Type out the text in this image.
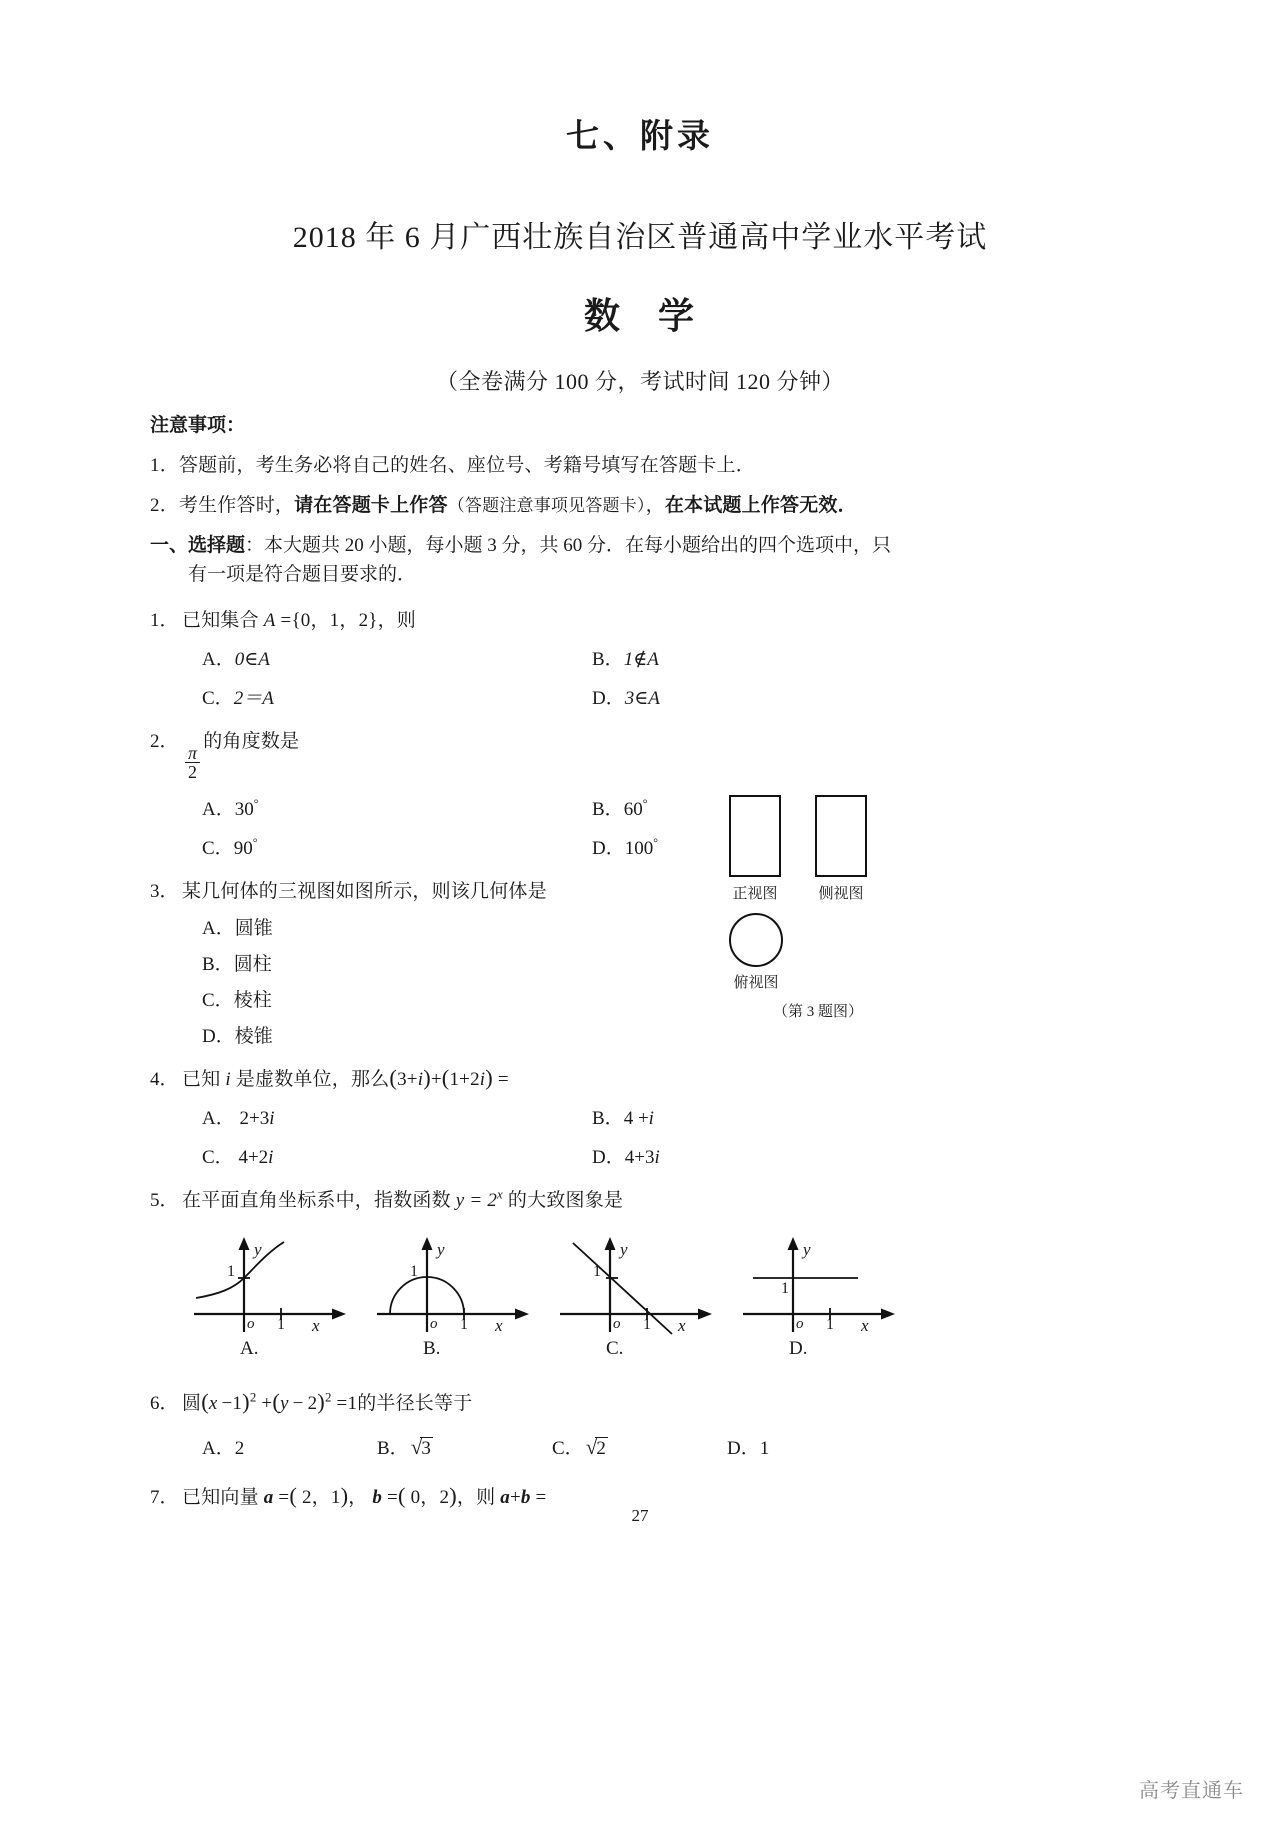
七、附录
2018 年 6 月广西壮族自治区普通高中学业水平考试
数 学
（全卷满分 100 分，考试时间 120 分钟）
注意事项：
1．答题前，考生务必将自己的姓名、座位号、考籍号填写在答题卡上．
2．考生作答时，请在答题卡上作答（答题注意事项见答题卡），在本试题上作答无效．
一、选择题：本大题共 20 小题，每小题 3 分，共 60 分．在每小题给出的四个选项中，只
有一项是符合题目要求的．
1． 已知集合 A ={0，1，2}，则
A．0∈A	B．1∉A
C．2＝A	D．3∈A
2．
$\frac{\pi}{2}$
的角度数是
A．30°	B．60°
C．90°	D．100°
3． 某几何体的三视图如图所示，则该几何体是
A．圆锥
B．圆柱
C．棱柱
D．棱锥
4． 已知 i 是虚数单位，那么(3+i)+(1+2i) =
A． 2+3i	B．4 +i
C． 4+2i	D．4+3i
5． 在平面直角坐标系中，指数函数 $y = 2^x$ 的大致图象是
1
y
o 1 x
A.
1
y
o 1 x
B.
1
y
o 1 x
C.
1
y
o 1 x
D.
6． 圆$(x -1)^2 +(y - 2)^2 =1$的半径长等于
A．2	B．√3	C．√2	D．1
7． 已知向量 a =( 2，1)， b =( 0，2)，则 a+b =
正视图	侧视图
俯视图
（第 3 题图）
27
高考直通车
